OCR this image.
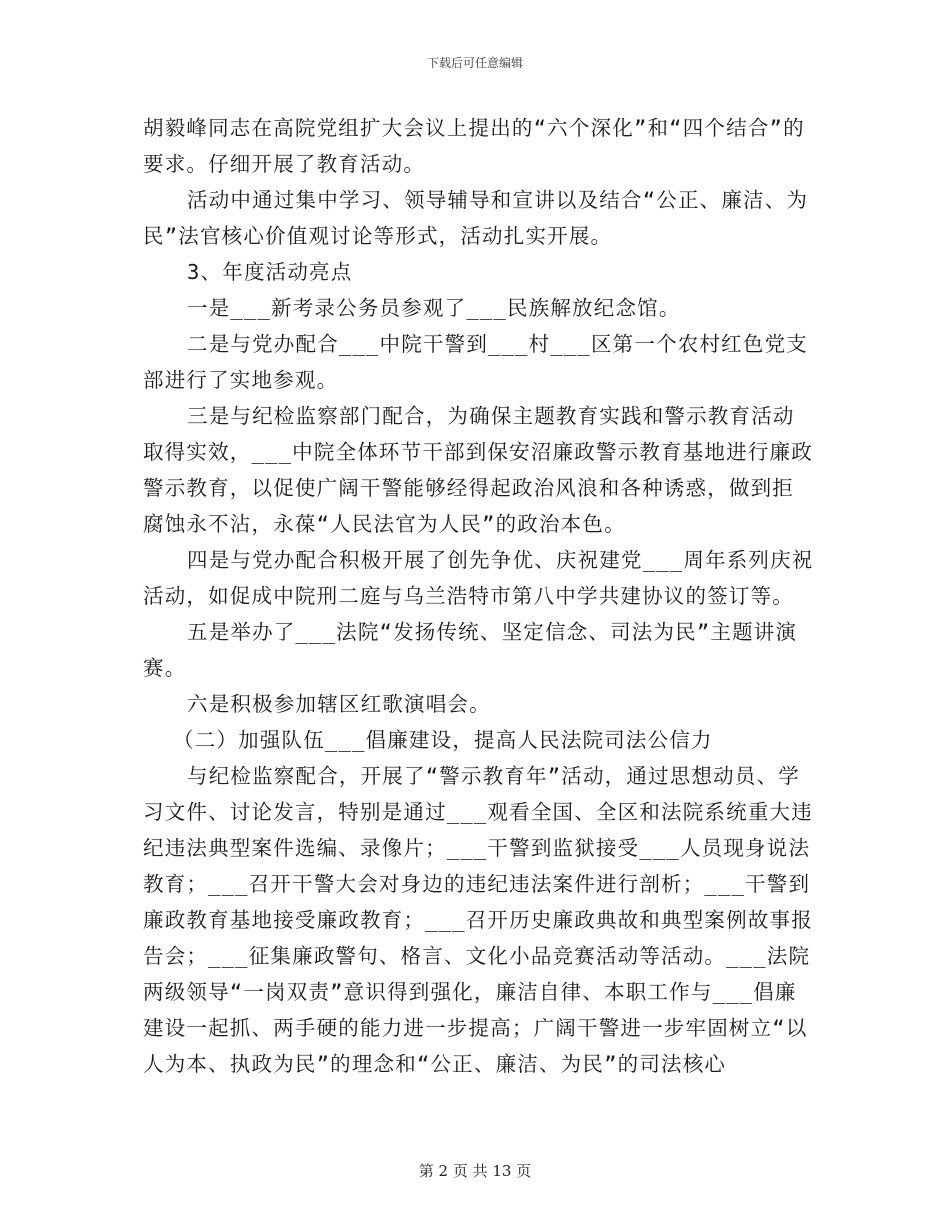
下载后可任意编辑

胡毅峰同志在高院党组扩大会议上提出的“六个深化”和“四个结合”的要求。仔细开展了教育活动。

活动中通过集中学习、领导辅导和宣讲以及结合“公正、廉洁、为民”法官核心价值观讨论等形式，活动扎实开展。

3、年度活动亮点

一是___新考录公务员参观了___民族解放纪念馆。

二是与党办配合___中院干警到___村___区第一个农村红色党支部进行了实地参观。

三是与纪检监察部门配合，为确保主题教育实践和警示教育活动取得实效，___中院全体环节干部到保安沼廉政警示教育基地进行廉政警示教育，以促使广阔干警能够经得起政治风浪和各种诱惑，做到拒腐蚀永不沾，永葆“人民法官为人民”的政治本色。

四是与党办配合积极开展了创先争优、庆祝建党___周年系列庆祝活动，如促成中院刑二庭与乌兰浩特市第八中学共建协议的签订等。

五是举办了___法院“发扬传统、坚定信念、司法为民”主题讲演赛。

六是积极参加辖区红歌演唱会。

（二）加强队伍___倡廉建设，提高人民法院司法公信力

与纪检监察配合，开展了“警示教育年”活动，通过思想动员、学习文件、讨论发言，特别是通过___观看全国、全区和法院系统重大违纪违法典型案件选编、录像片；___干警到监狱接受___人员现身说法教育；___召开干警大会对身边的违纪违法案件进行剖析；___干警到廉政教育基地接受廉政教育；___召开历史廉政典故和典型案例故事报告会；___征集廉政警句、格言、文化小品竞赛活动等活动。___法院两级领导“一岗双责”意识得到强化，廉洁自律、本职工作与___倡廉建设一起抓、两手硬的能力进一步提高；广阔干警进一步牢固树立“以人为本、执政为民”的理念和“公正、廉洁、为民”的司法核心

第 2 页 共 13 页
